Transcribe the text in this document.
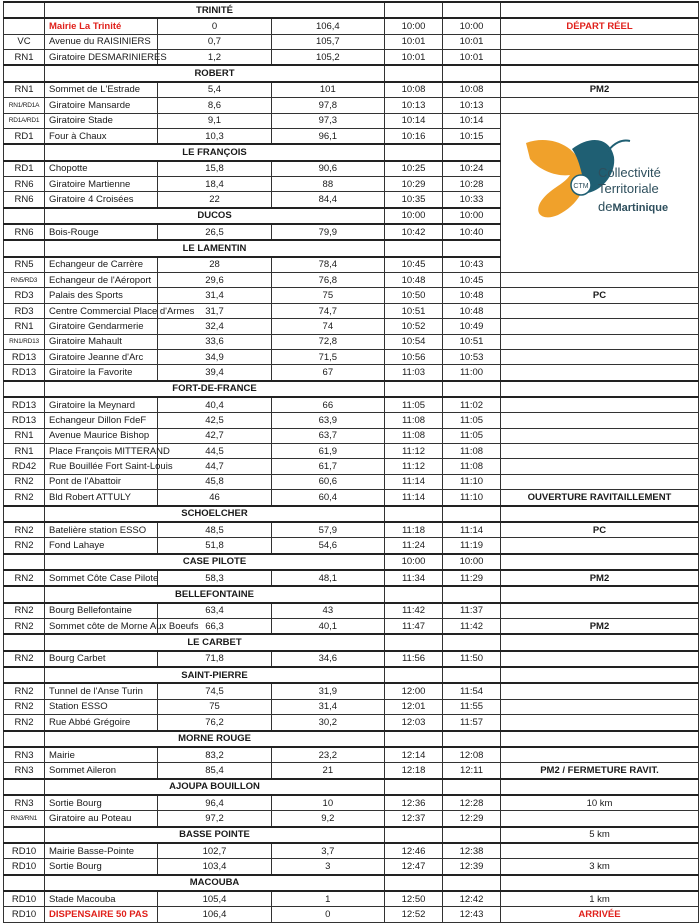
	TRINITÉ					
	Mairie La Trinité	0	106,4	10:00	10:00	DÉPART RÉEL
VC	Avenue du RAISINIERS	0,7	105,7	10:01	10:01	
RN1	Giratoire DESMARINIERES	1,2	105,2	10:01	10:01	
	ROBERT					
RN1	Sommet de L'Estrade	5,4	101	10:08	10:08	PM2
RN1/RD1A	Giratoire Mansarde	8,6	97,8	10:13	10:13	
RD1A/RD1	Giratoire Stade	9,1	97,3	10:14	10:14	
RD1	Four à Chaux	10,3	96,1	10:16	10:15	
	LE FRANÇOIS					
RD1	Chopotte	15,8	90,6	10:25	10:24	
RN6	Giratoire Martienne	18,4	88	10:29	10:28	
RN6	Giratoire 4 Croisées	22	84,4	10:35	10:33	
	DUCOS			10:00	10:00	
RN6	Bois-Rouge	26,5	79,9	10:42	10:40	
	LE LAMENTIN					
RN5	Echangeur de Carrère	28	78,4	10:45	10:43	
RN5/RD3	Echangeur de l'Aéroport	29,6	76,8	10:48	10:45	
RD3	Palais des Sports	31,4	75	10:50	10:48	PC
RD3	Centre Commercial Place d'Armes	31,7	74,7	10:51	10:48	
RN1	Giratoire Gendarmerie	32,4	74	10:52	10:49	
RN1/RD13	Giratoire Mahault	33,6	72,8	10:54	10:51	
RD13	Giratoire Jeanne d'Arc	34,9	71,5	10:56	10:53	
RD13	Giratoire la Favorite	39,4	67	11:03	11:00	
	FORT-DE-FRANCE					
RD13	Giratoire la Meynard	40,4	66	11:05	11:02	
RD13	Echangeur Dillon FdeF	42,5	63,9	11:08	11:05	
RN1	Avenue Maurice Bishop	42,7	63,7	11:08	11:05	
RN1	Place François MITTERAND	44,5	61,9	11:12	11:08	
RD42	Rue Bouillée Fort Saint-Louis	44,7	61,7	11:12	11:08	
RN2	Pont de l'Abattoir	45,8	60,6	11:14	11:10	
RN2	Bld Robert ATTULY	46	60,4	11:14	11:10	OUVERTURE RAVITAILLEMENT
	SCHOELCHER					
RN2	Batelière station ESSO	48,5	57,9	11:18	11:14	PC
RN2	Fond Lahaye	51,8	54,6	11:24	11:19	
	CASE PILOTE			10:00	10:00	
RN2	Sommet Côte Case Pilote	58,3	48,1	11:34	11:29	PM2
	BELLEFONTAINE					
RN2	Bourg Bellefontaine	63,4	43	11:42	11:37	
RN2	Sommet côte de Morne Aux Boeufs	66,3	40,1	11:47	11:42	PM2
	LE CARBET					
RN2	Bourg Carbet	71,8	34,6	11:56	11:50	
	SAINT-PIERRE					
RN2	Tunnel de l'Anse Turin	74,5	31,9	12:00	11:54	
RN2	Station ESSO	75	31,4	12:01	11:55	
RN2	Rue Abbé Grégoire	76,2	30,2	12:03	11:57	
	MORNE ROUGE					
RN3	Mairie	83,2	23,2	12:14	12:08	
RN3	Sommet Aileron	85,4	21	12:18	12:11	PM2 / FERMETURE RAVIT.
	AJOUPA BOUILLON					
RN3	Sortie Bourg	96,4	10	12:36	12:28	10 km
RN3/RN1	Giratoire au Poteau	97,2	9,2	12:37	12:29	
	BASSE POINTE					5 km
RD10	Mairie Basse-Pointe	102,7	3,7	12:46	12:38	
RD10	Sortie Bourg	103,4	3	12:47	12:39	3 km
	MACOUBA					
RD10	Stade Macouba	105,4	1	12:50	12:42	1 km
RD10	DISPENSAIRE 50 PAS	106,4	0	12:52	12:43	ARRIVÉE
CTM
Collectivité
Territoriale
deMartinique
